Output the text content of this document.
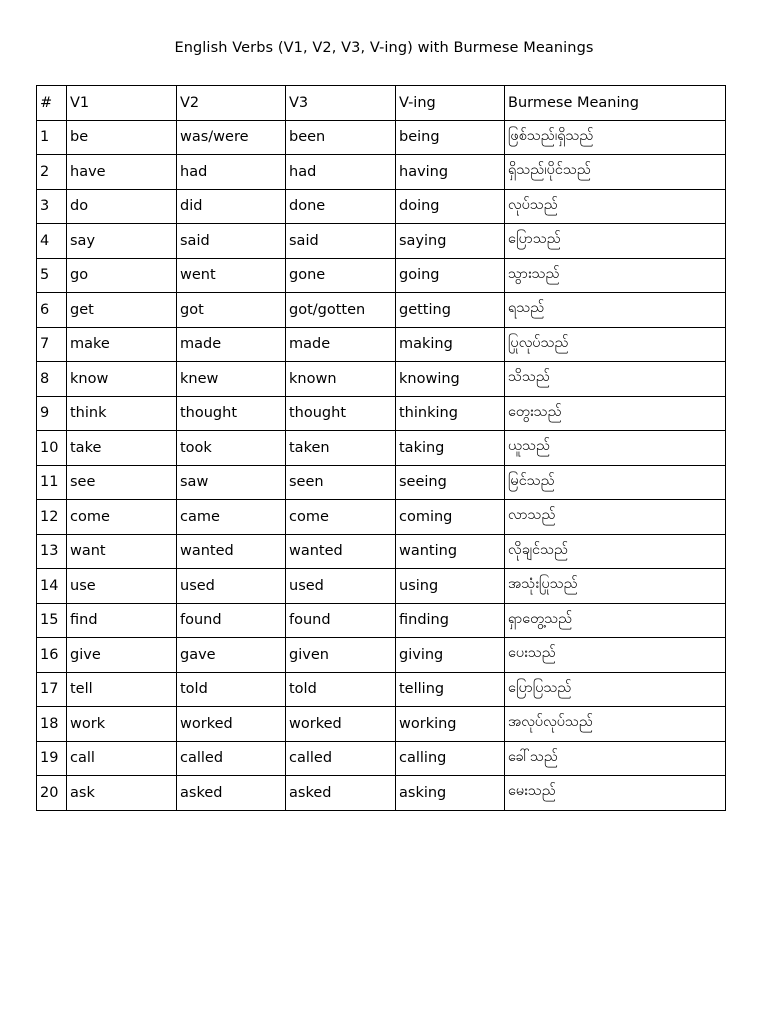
English Verbs (V1, V2, V3, V-ing) with Burmese Meanings
#	V1	V2	V3	V-ing	Burmese Meaning
1	be	was/were	been	being	ဖြစ်သည်၊ရှိသည်
2	have	had	had	having	ရှိသည်၊ပိုင်သည်
3	do	did	done	doing	လုပ်သည်
4	say	said	said	saying	ပြောသည်
5	go	went	gone	going	သွားသည်
6	get	got	got/gotten	getting	ရသည်
7	make	made	made	making	ပြုလုပ်သည်
8	know	knew	known	knowing	သိသည်
9	think	thought	thought	thinking	တွေးသည်
10	take	took	taken	taking	ယူသည်
11	see	saw	seen	seeing	မြင်သည်
12	come	came	come	coming	လာသည်
13	want	wanted	wanted	wanting	လိုချင်သည်
14	use	used	used	using	အသုံးပြုသည်
15	find	found	found	finding	ရှာတွေ့သည်
16	give	gave	given	giving	ပေးသည်
17	tell	told	told	telling	ပြောပြသည်
18	work	worked	worked	working	အလုပ်လုပ်သည်
19	call	called	called	calling	ခေါ်သည်
20	ask	asked	asked	asking	မေးသည်
